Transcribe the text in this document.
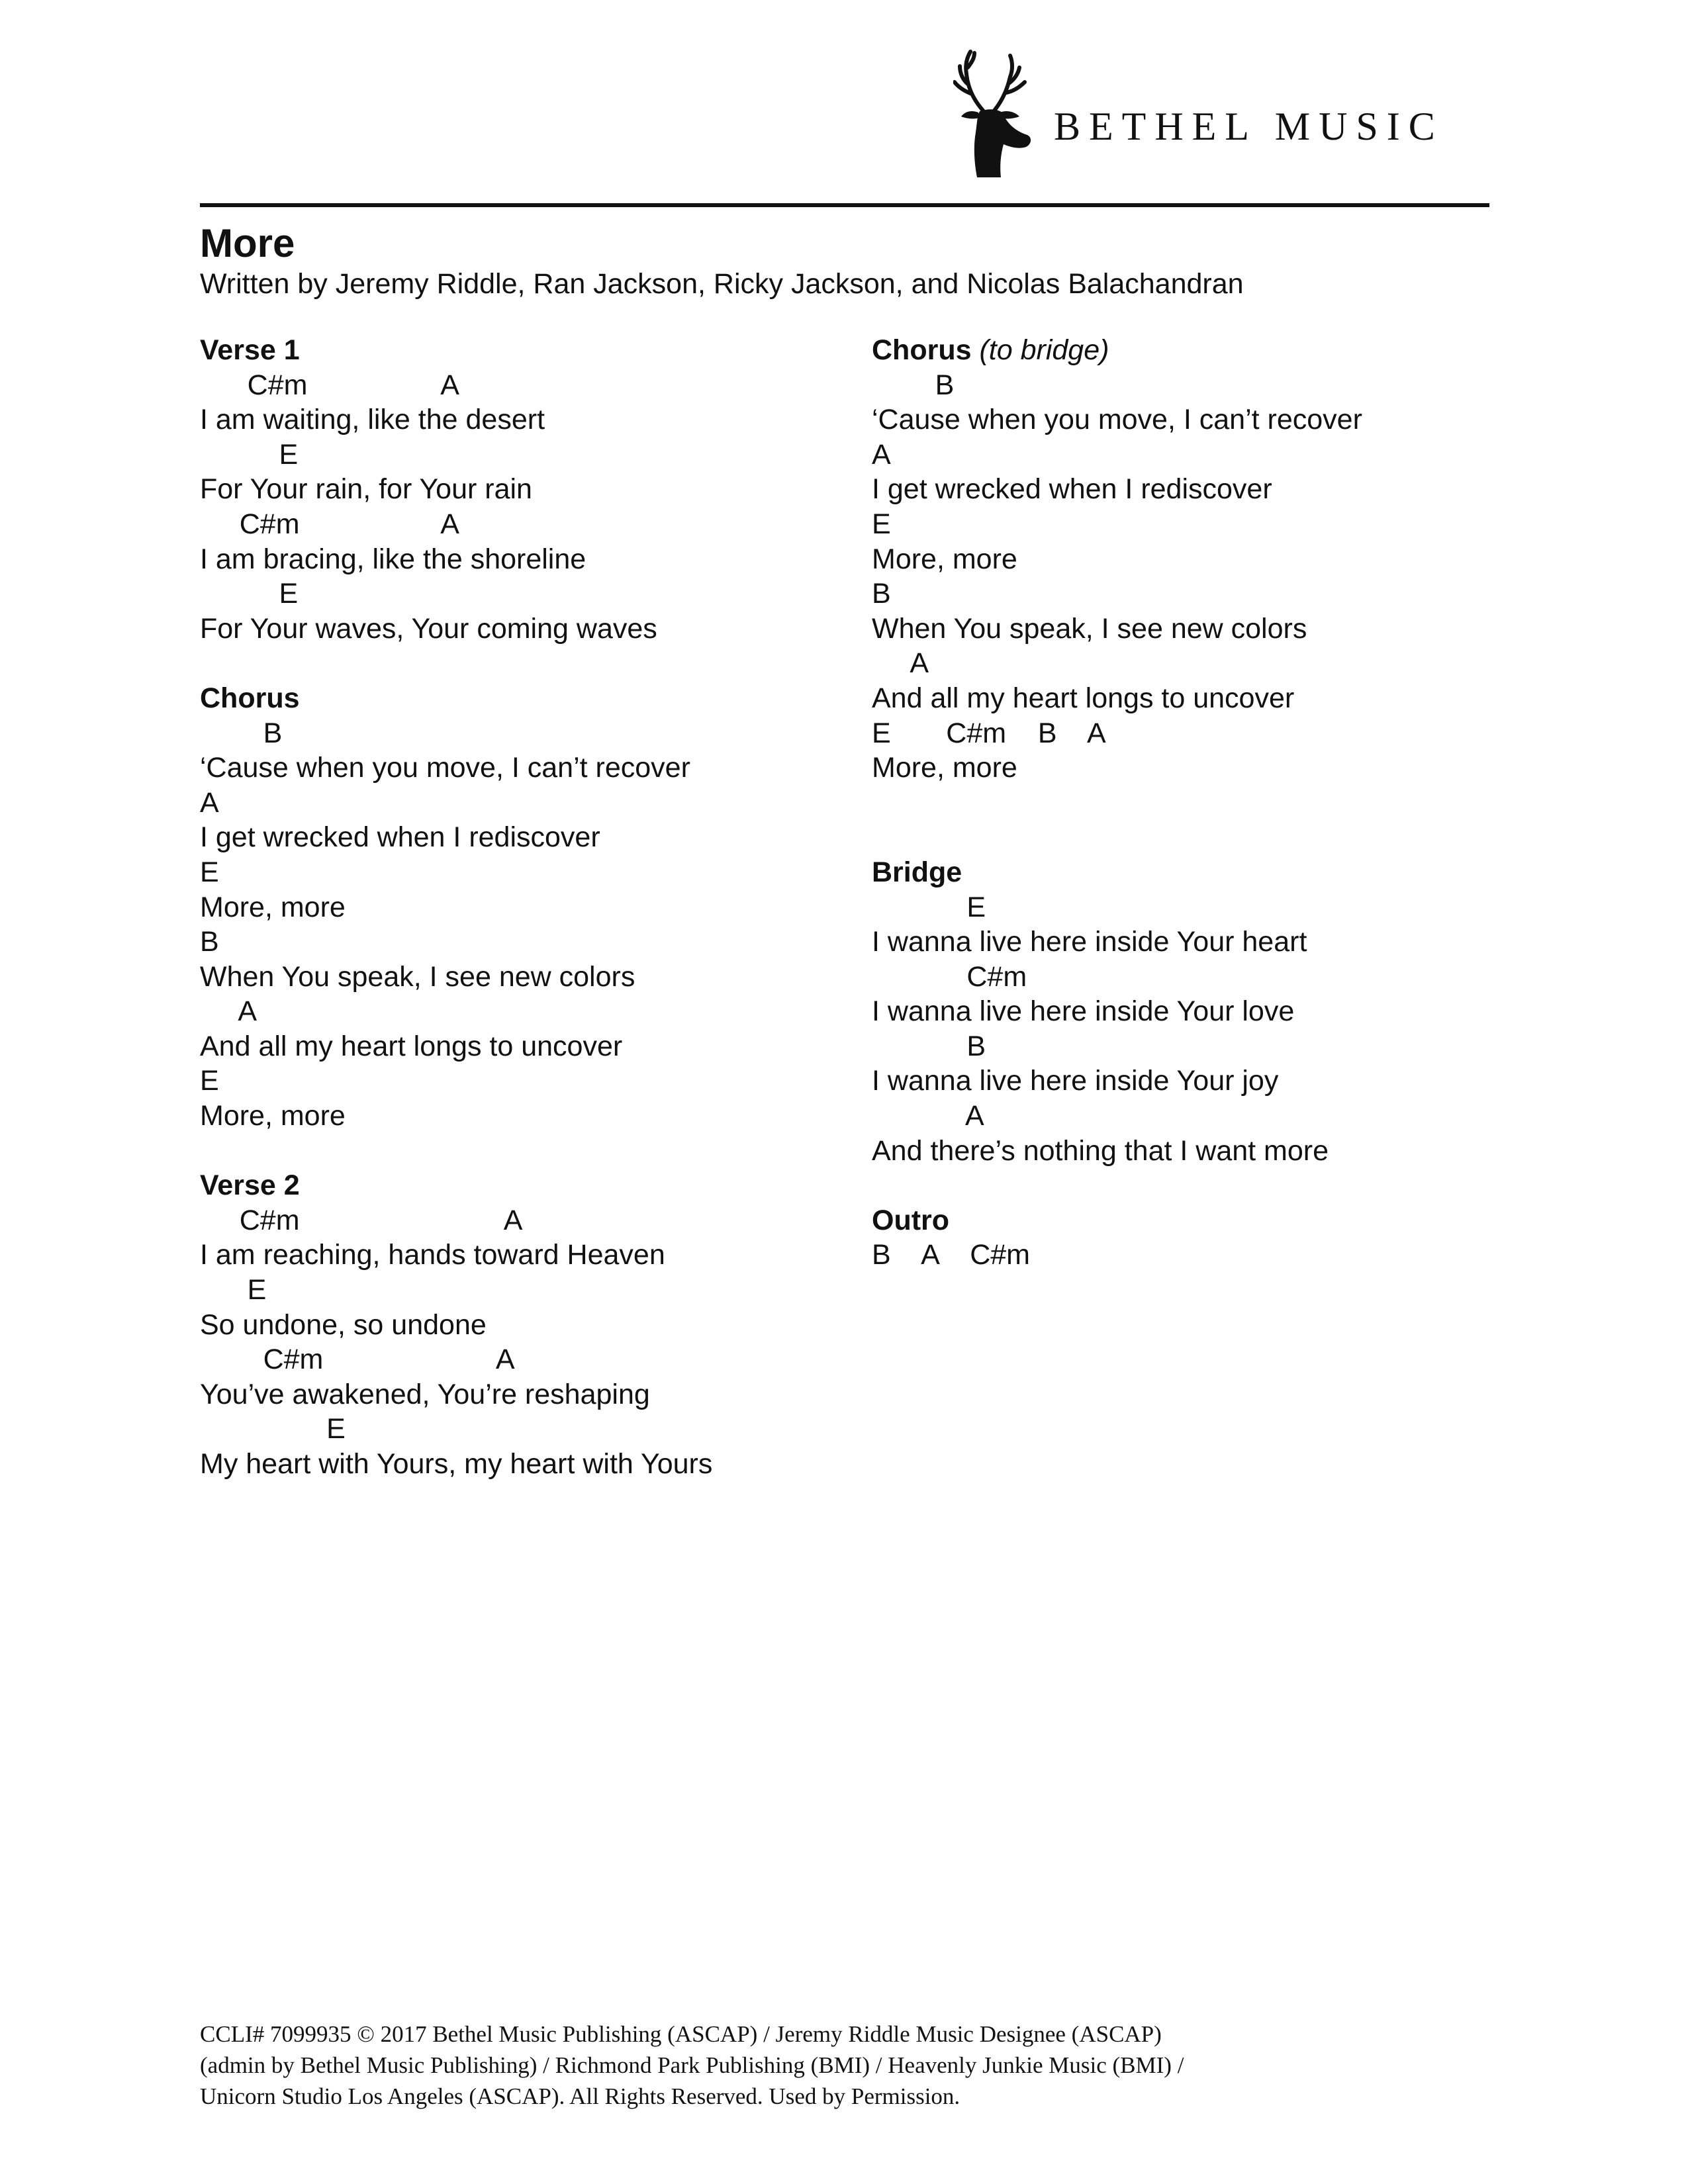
BETHEL MUSIC
More
Written by Jeremy Riddle, Ran Jackson, Ricky Jackson, and Nicolas Balachandran
Verse 1
C#m                 A
I am waiting, like the desert
E
For Your rain, for Your rain
C#m                  A
I am bracing, like the shoreline
E
For Your waves, Your coming waves
Chorus
B
‘Cause when you move, I can’t recover
A
I get wrecked when I rediscover
E
More, more
B
When You speak, I see new colors
A
And all my heart longs to uncover
E
More, more
Verse 2
C#m                          A
I am reaching, hands toward Heaven
E
So undone, so undone
C#m                      A
You’ve awakened, You’re reshaping
E
My heart with Yours, my heart with Yours
Chorus (to bridge)
B
‘Cause when you move, I can’t recover
A
I get wrecked when I rediscover
E
More, more
B
When You speak, I see new colors
A
And all my heart longs to uncover
E       C#m    B    A
More, more
Bridge
E
I wanna live here inside Your heart
C#m
I wanna live here inside Your love
B
I wanna live here inside Your joy
A
And there’s nothing that I want more
Outro
B    A    C#m
CCLI# 7099935 © 2017 Bethel Music Publishing (ASCAP) / Jeremy Riddle Music Designee (ASCAP)
(admin by Bethel Music Publishing) / Richmond Park Publishing (BMI) / Heavenly Junkie Music (BMI) /
Unicorn Studio Los Angeles (ASCAP). All Rights Reserved. Used by Permission.
